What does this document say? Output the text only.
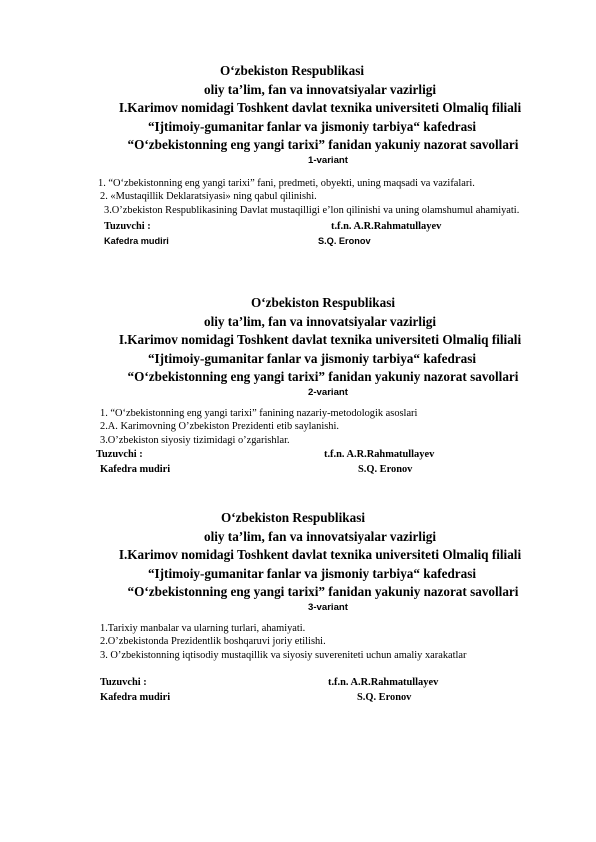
O‘zbekiston Respublikasi
oliy ta’lim, fan va innovatsiyalar vazirligi
I.Karimov nomidagi Toshkent davlat texnika universiteti Olmaliq filiali
“Ijtimoiy-gumanitar fanlar va jismoniy tarbiya“ kafedrasi
“O‘zbekistonning eng yangi tarixi” fanidan yakuniy nazorat savollari
1-variant
1. “O‘zbekistonning eng yangi tarixi” fani, predmeti, obyekti, uning maqsadi va vazifalari.
2. «Mustaqillik Deklaratsiyasi» ning qabul qilinishi.
3.O’zbekiston Respublikasining Davlat mustaqilligi e’lon qilinishi va uning olamshumul ahamiyati.
Tuzuvchi :	t.f.n. A.R.Rahmatullayev
Kafedra mudiri	S.Q. Eronov
O‘zbekiston Respublikasi
oliy ta’lim, fan va innovatsiyalar vazirligi
I.Karimov nomidagi Toshkent davlat texnika universiteti Olmaliq filiali
“Ijtimoiy-gumanitar fanlar va jismoniy tarbiya“ kafedrasi
“O‘zbekistonning eng yangi tarixi” fanidan yakuniy nazorat savollari
2-variant
1. “O‘zbekistonning eng yangi tarixi” fanining nazariy-metodologik asoslari
2.A. Karimovning O’zbekiston Prezidenti etib saylanishi.
3.O’zbekiston siyosiy tizimidagi o’zgarishlar.
Tuzuvchi :	t.f.n. A.R.Rahmatullayev
Kafedra mudiri	S.Q. Eronov
O‘zbekiston Respublikasi
oliy ta’lim, fan va innovatsiyalar vazirligi
I.Karimov nomidagi Toshkent davlat texnika universiteti Olmaliq filiali
“Ijtimoiy-gumanitar fanlar va jismoniy tarbiya“ kafedrasi
“O‘zbekistonning eng yangi tarixi” fanidan yakuniy nazorat savollari
3-variant
1.Tarixiy manbalar va ularning turlari, ahamiyati.
2.O’zbekistonda Prezidentlik boshqaruvi joriy etilishi.
3. O’zbekistonning iqtisodiy mustaqillik va siyosiy suvereniteti uchun amaliy xarakatlar
Tuzuvchi :	t.f.n. A.R.Rahmatullayev
Kafedra mudiri	S.Q. Eronov
